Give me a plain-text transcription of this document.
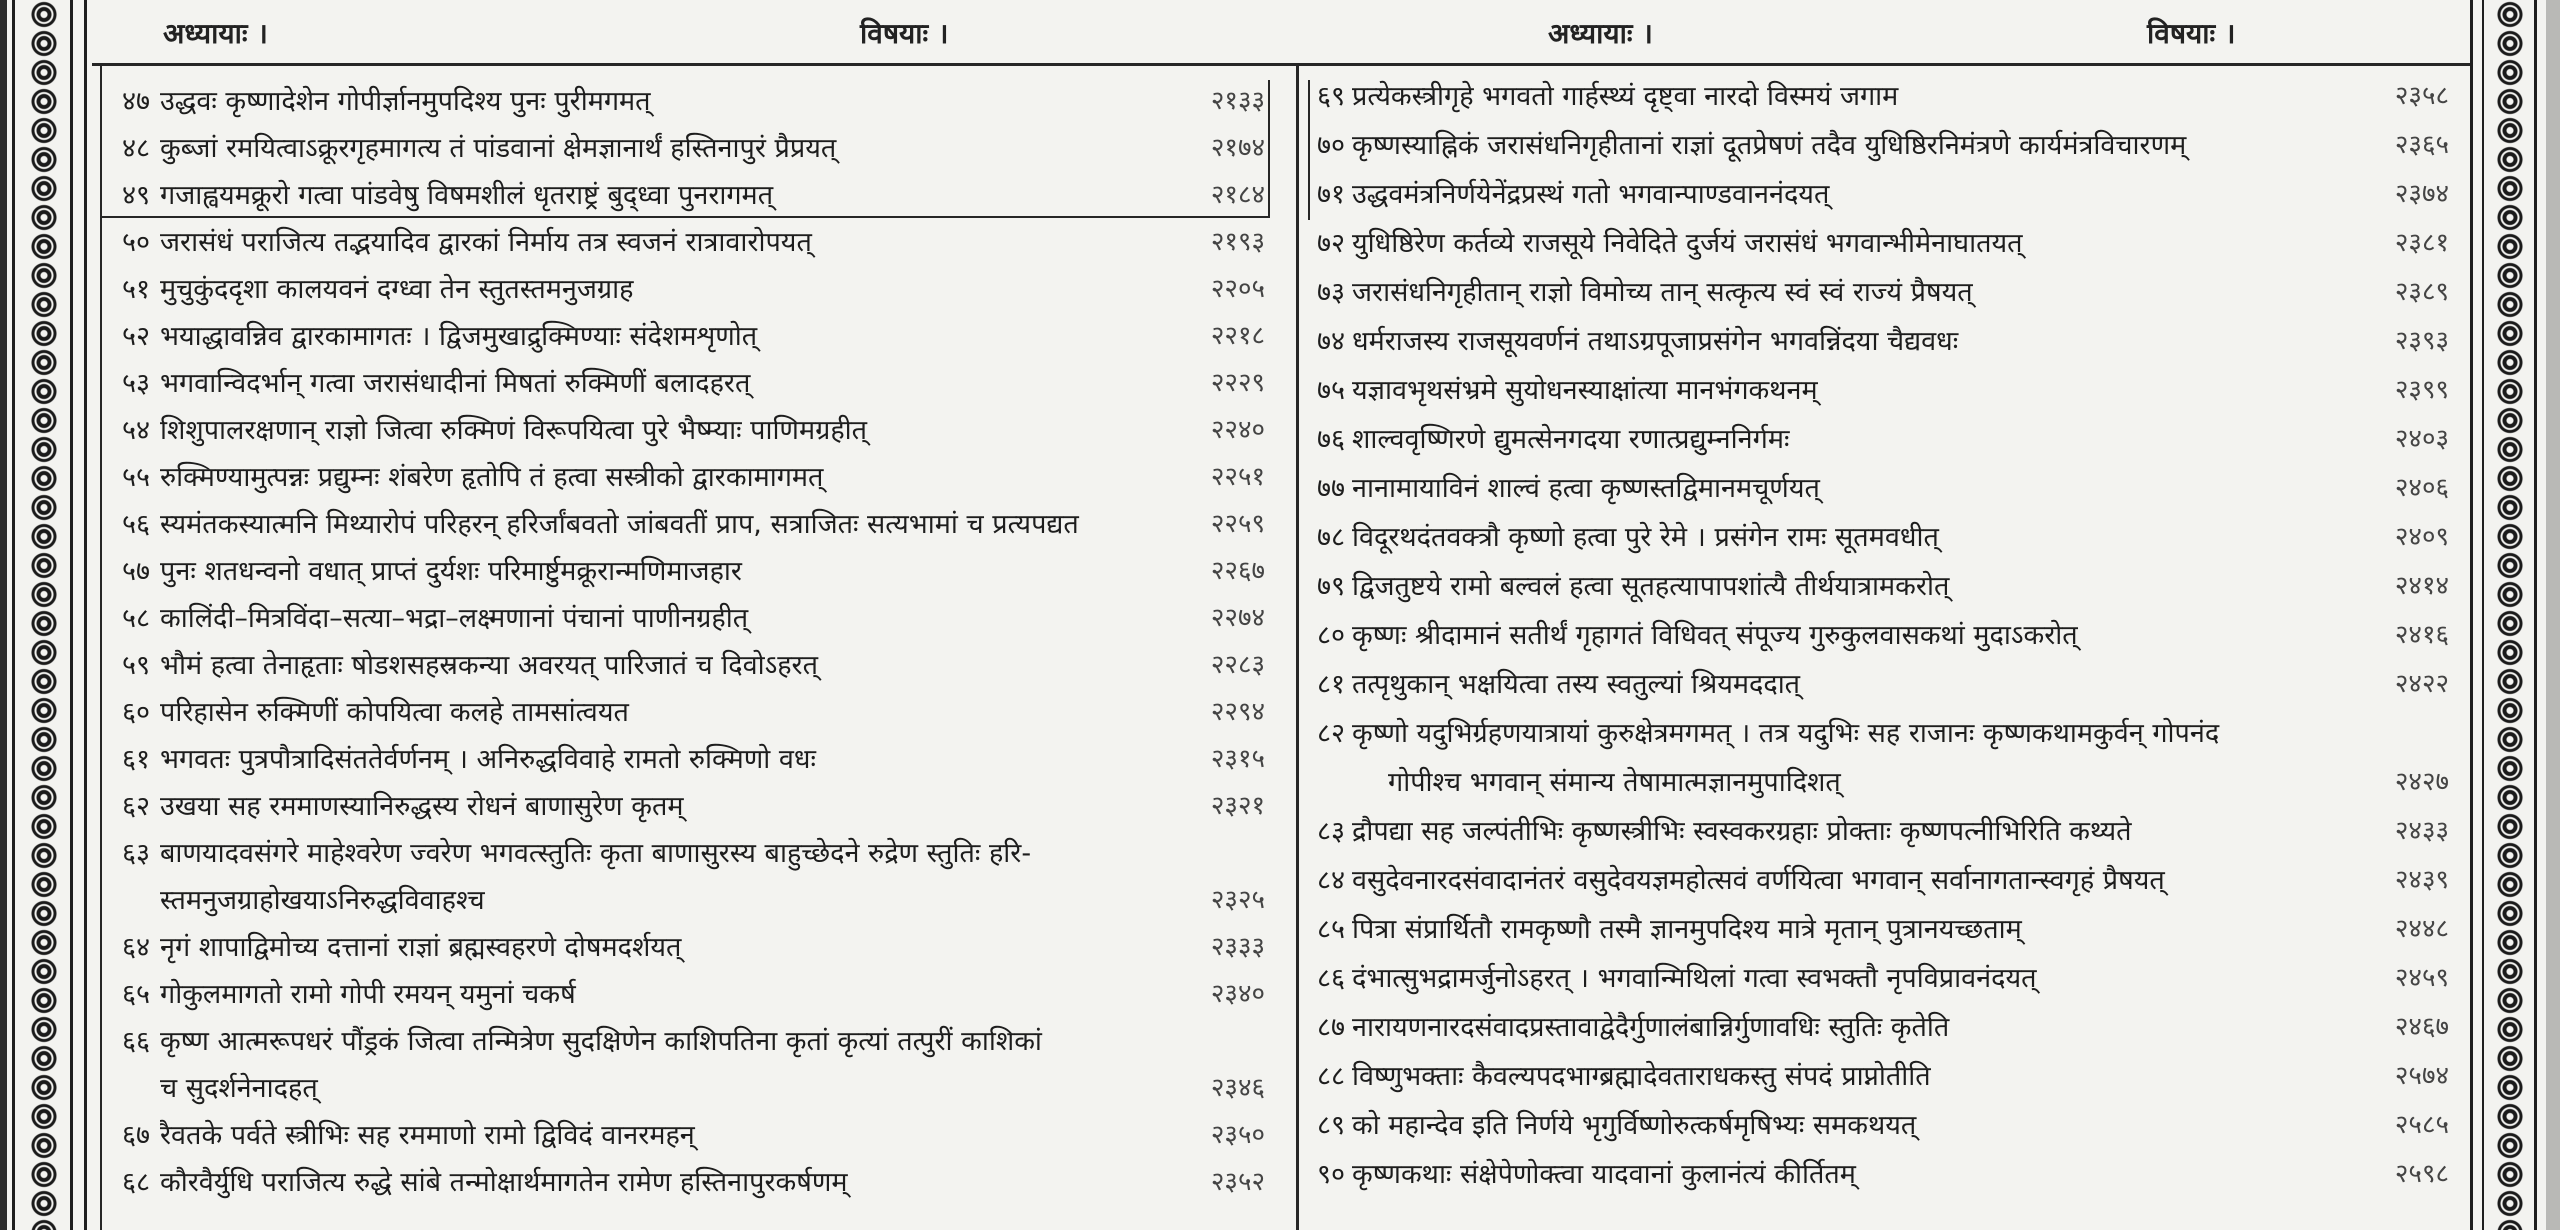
अध्यायाः ।	विषयाः ।	अध्यायाः ।	विषयाः ।
४७ उद्धवः कृष्णादेशेन गोपीर्ज्ञानमुपदिश्य पुनः पुरीमगमत्	२१३३
४८ कुब्जां रमयित्वाऽक्रूरगृहमागत्य तं पांडवानां क्षेमज्ञानार्थं हस्तिनापुरं प्रैप्रयत्	२१७४
४९ गजाह्वयमक्रूरो गत्वा पांडवेषु विषमशीलं धृतराष्ट्रं बुद्ध्वा पुनरागमत्	२१८४
५० जरासंधं पराजित्य तद्भयादिव द्वारकां निर्माय तत्र स्वजनं रात्रावारोपयत्	२१९३
५१ मुचुकुंददृशा कालयवनं दग्ध्वा तेन स्तुतस्तमनुजग्राह	२२०५
५२ भयाद्धावन्निव द्वारकामागतः । द्विजमुखाद्रुक्मिण्याः संदेशमशृणोत्	२२१८
५३ भगवान्विदर्भान् गत्वा जरासंधादीनां मिषतां रुक्मिणीं बलादहरत्	२२२९
५४ शिशुपालरक्षणान् राज्ञो जित्वा रुक्मिणं विरूपयित्वा पुरे भैष्म्याः पाणिमग्रहीत्	२२४०
५५ रुक्मिण्यामुत्पन्नः प्रद्युम्नः शंबरेण हृतोपि तं हत्वा सस्त्रीको द्वारकामागमत्	२२५१
५६ स्यमंतकस्यात्मनि मिथ्यारोपं परिहरन् हरिर्जांबवतो जांबवतीं प्राप, सत्राजितः सत्यभामां च प्रत्यपद्यत	२२५९
५७ पुनः शतधन्वनो वधात् प्राप्तं दुर्यशः परिमार्ष्टुमक्रूरान्मणिमाजहार	२२६७
५८ कालिंदी–मित्रविंदा–सत्या–भद्रा–लक्ष्मणानां पंचानां पाणीनग्रहीत्	२२७४
५९ भौमं हत्वा तेनाहृताः षोडशसहस्रकन्या अवरयत् पारिजातं च दिवोऽहरत्	२२८३
६० परिहासेन रुक्मिणीं कोपयित्वा कलहे तामसांत्वयत	२२९४
६१ भगवतः पुत्रपौत्रादिसंततेर्वर्णनम् । अनिरुद्धविवाहे रामतो रुक्मिणो वधः	२३१५
६२ उखया सह रममाणस्यानिरुद्धस्य रोधनं बाणासुरेण कृतम्	२३२१
६३ बाणयादवसंगरे माहेश्वरेण ज्वरेण भगवत्स्तुतिः कृता बाणासुरस्य बाहुच्छेदने रुद्रेण स्तुतिः हरि-
स्तमनुजग्राहोखयाऽनिरुद्धविवाहश्च	२३२५
६४ नृगं शापाद्विमोच्य दत्तानां राज्ञां ब्रह्मस्वहरणे दोषमदर्शयत्	२३३३
६५ गोकुलमागतो रामो गोपी रमयन् यमुनां चकर्ष	२३४०
६६ कृष्ण आत्मरूपधरं पौंड्रकं जित्वा तन्मित्रेण सुदक्षिणेन काशिपतिना कृतां कृत्यां तत्पुरीं काशिकां
च सुदर्शनेनादहत्	२३४६
६७ रैवतके पर्वते स्त्रीभिः सह रममाणो रामो द्विविदं वानरमहन्	२३५०
६८ कौरवैर्युधि पराजित्य रुद्धे सांबे तन्मोक्षार्थमागतेन रामेण हस्तिनापुरकर्षणम्	२३५२
६९ प्रत्येकस्त्रीगृहे भगवतो गार्हस्थ्यं दृष्ट्वा नारदो विस्मयं जगाम	२३५८
७० कृष्णस्याह्निकं जरासंधनिगृहीतानां राज्ञां दूतप्रेषणं तदैव युधिष्ठिरनिमंत्रणे कार्यमंत्रविचारणम्	२३६५
७१ उद्धवमंत्रनिर्णयेनेंद्रप्रस्थं गतो भगवान्पाण्डवाननंदयत्	२३७४
७२ युधिष्ठिरेण कर्तव्ये राजसूये निवेदिते दुर्जयं जरासंधं भगवान्भीमेनाघातयत्	२३८१
७३ जरासंधनिगृहीतान् राज्ञो विमोच्य तान् सत्कृत्य स्वं स्वं राज्यं प्रैषयत्	२३८९
७४ धर्मराजस्य राजसूयवर्णनं तथाऽग्रपूजाप्रसंगेन भगवन्निंदया चैद्यवधः	२३९३
७५ यज्ञावभृथसंभ्रमे सुयोधनस्याक्षांत्या मानभंगकथनम्	२३९९
७६ शाल्ववृष्णिरणे द्युमत्सेनगदया रणात्प्रद्युम्ननिर्गमः	२४०३
७७ नानामायाविनं शाल्वं हत्वा कृष्णस्तद्विमानमचूर्णयत्	२४०६
७८ विदूरथदंतवक्त्रौ कृष्णो हत्वा पुरे रेमे । प्रसंगेन रामः सूतमवधीत्	२४०९
७९ द्विजतुष्टये रामो बल्वलं हत्वा सूतहत्यापापशांत्यै तीर्थयात्रामकरोत्	२४१४
८० कृष्णः श्रीदामानं सतीर्थं गृहागतं विधिवत् संपूज्य गुरुकुलवासकथां मुदाऽकरोत्	२४१६
८१ तत्पृथुकान् भक्षयित्वा तस्य स्वतुल्यां श्रियमददात्	२४२२
८२ कृष्णो यदुभिर्ग्रहणयात्रायां कुरुक्षेत्रमगमत् । तत्र यदुभिः सह राजानः कृष्णकथामकुर्वन् गोपनंद
गोपीश्च भगवान् संमान्य तेषामात्मज्ञानमुपादिशत्	२४२७
८३ द्रौपद्या सह जल्पंतीभिः कृष्णस्त्रीभिः स्वस्वकरग्रहाः प्रोक्ताः कृष्णपत्नीभिरिति कथ्यते	२४३३
८४ वसुदेवनारदसंवादानंतरं वसुदेवयज्ञमहोत्सवं वर्णयित्वा भगवान् सर्वानागतान्स्वगृहं प्रैषयत्	२४३९
८५ पित्रा संप्रार्थितौ रामकृष्णौ तस्मै ज्ञानमुपदिश्य मात्रे मृतान् पुत्रानयच्छताम्	२४४८
८६ दंभात्सुभद्रामर्जुनोऽहरत् । भगवान्मिथिलां गत्वा स्वभक्तौ नृपविप्रावनंदयत्	२४५९
८७ नारायणनारदसंवादप्रस्तावाद्वेदैर्गुणालंबान्निर्गुणावधिः स्तुतिः कृतेति	२४६७
८८ विष्णुभक्ताः कैवल्यपदभाग्ब्रह्मादेवताराधकस्तु संपदं प्राप्नोतीति	२५७४
८९ को महान्देव इति निर्णये भृगुर्विष्णोरुत्कर्षमृषिभ्यः समकथयत्	२५८५
९० कृष्णकथाः संक्षेपेणोक्त्वा यादवानां कुलानंत्यं कीर्तितम्	२५९८
